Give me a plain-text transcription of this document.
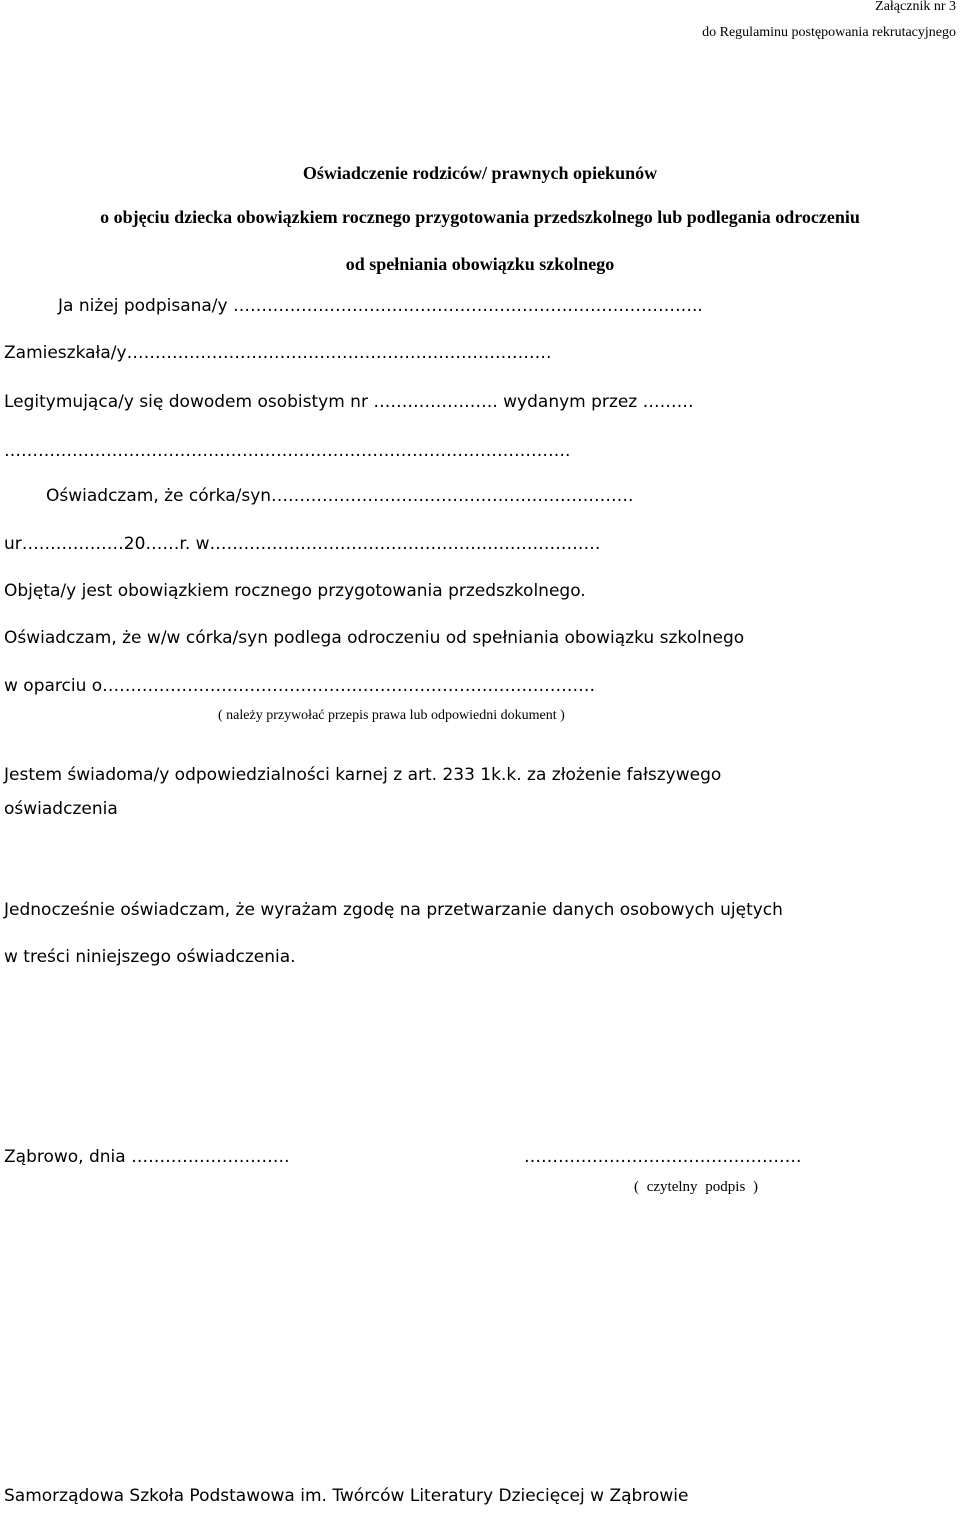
Załącznik nr 3
do Regulaminu postępowania rekrutacyjnego
Oświadczenie rodziców/ prawnych opiekunów
o objęciu dziecka obowiązkiem rocznego przygotowania przedszkolnego lub podlegania odroczeniu
od spełniania obowiązku szkolnego
Ja niżej podpisana/y ………………………………………………………………………..
Zamieszkała/y…………………………………………………………………
Legitymująca/y się dowodem osobistym nr …………………. wydanym przez ………
……………………………………………………………………………………….
Oświadczam, że córka/syn……………………………………………………….
ur………………20……r. w……………………………………………………………
Objęta/y jest obowiązkiem rocznego przygotowania przedszkolnego.
Oświadczam, że w/w córka/syn podlega odroczeniu od spełniania obowiązku szkolnego
w oparciu o……………………………………………………………………………
( należy przywołać przepis prawa lub odpowiedni dokument )
Jestem świadoma/y odpowiedzialności karnej z art. 233 1k.k. za złożenie fałszywego
oświadczenia
Jednocześnie oświadczam, że wyrażam zgodę na przetwarzanie danych osobowych ujętych
w treści niniejszego oświadczenia.
Ząbrowo, dnia ……………………….	………………………………………….
( czytelny podpis )
Samorządowa Szkoła Podstawowa im. Twórców Literatury Dziecięcej w Ząbrowie
